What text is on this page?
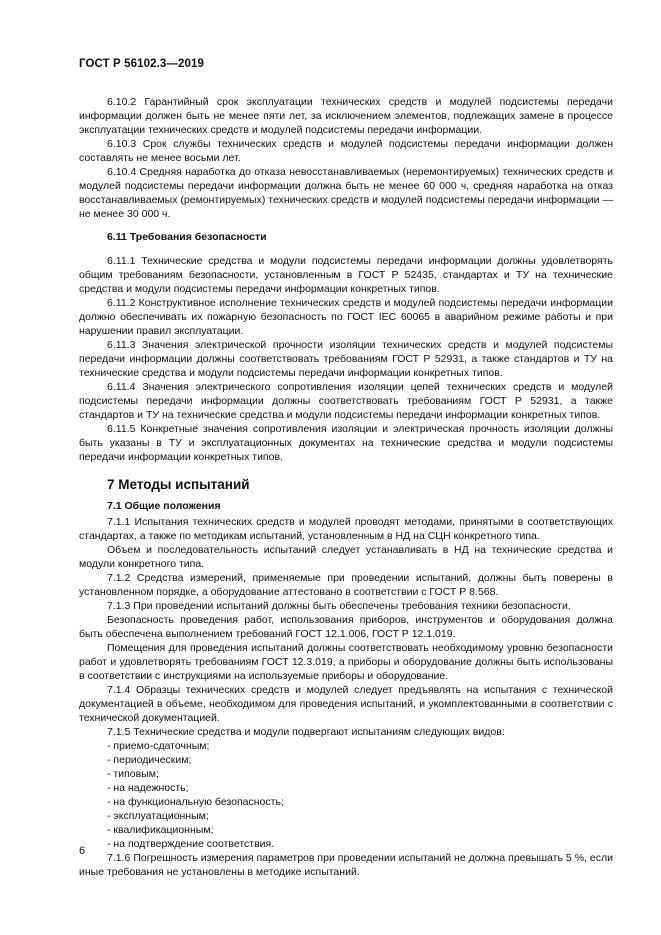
ГОСТ Р 56102.3—2019

6.10.2 Гарантийный срок эксплуатации технических средств и модулей подсистемы передачи информации должен быть не менее пяти лет, за исключением элементов, подлежащих замене в процессе эксплуатации технических средств и модулей подсистемы передачи информации.

6.10.3 Срок службы технических средств и модулей подсистемы передачи информации должен составлять не менее восьми лет.

6.10.4 Средняя наработка до отказа невосстанавливаемых (неремонтируемых) технических средств и модулей подсистемы передачи информации должна быть не менее 60 000 ч, средняя наработка на отказ восстанавливаемых (ремонтируемых) технических средств и модулей подсистемы передачи информации — не менее 30 000 ч.

6.11 Требования безопасности

6.11.1 Технические средства и модули подсистемы передачи информации должны удовлетворять общим требованиям безопасности, установленным в ГОСТ Р 52435, стандартах и ТУ на технические средства и модули подсистемы передачи информации конкретных типов.

6.11.2 Конструктивное исполнение технических средств и модулей подсистемы передачи информации должно обеспечивать их пожарную безопасность по ГОСТ IEC 60065 в аварийном режиме работы и при нарушении правил эксплуатации.

6.11.3 Значения электрической прочности изоляции технических средств и модулей подсистемы передачи информации должны соответствовать требованиям ГОСТ Р 52931, а также стандартов и ТУ на технические средства и модули подсистемы передачи информации конкретных типов.

6.11.4 Значения электрического сопротивления изоляции цепей технических средств и модулей подсистемы передачи информации должны соответствовать требованиям ГОСТ Р 52931, а также стандартов и ТУ на технические средства и модули подсистемы передачи информации конкретных типов.

6.11.5 Конкретные значения сопротивления изоляции и электрическая прочность изоляции должны быть указаны в ТУ и эксплуатационных документах на технические средства и модули подсистемы передачи информации конкретных типов.

7 Методы испытаний

7.1 Общие положения

7.1.1 Испытания технических средств и модулей проводят методами, принятыми в соответствующих стандартах, а также по методикам испытаний, установленным в НД на СЦН конкретного типа.

Объем и последовательность испытаний следует устанавливать в НД на технические средства и модули конкретного типа.

7.1.2 Средства измерений, применяемые при проведении испытаний, должны быть поверены в установленном порядке, а оборудование аттестовано в соответствии с ГОСТ Р 8.568.

7.1.3 При проведении испытаний должны быть обеспечены требования техники безопасности.

Безопасность проведения работ, использования приборов, инструментов и оборудования должна быть обеспечена выполнением требований ГОСТ 12.1.006, ГОСТ Р 12.1.019.

Помещения для проведения испытаний должны соответствовать необходимому уровню безопасности работ и удовлетворять требованиям ГОСТ 12.3.019, а приборы и оборудование должны быть использованы в соответствии с инструкциями на используемые приборы и оборудование.

7.1.4 Образцы технических средств и модулей следует предъявлять на испытания с технической документацией в объеме, необходимом для проведения испытаний, и укомплектованными в соответствии с технической документацией.

7.1.5 Технические средства и модули подвергают испытаниям следующих видов:

- приемо-сдаточным;

- периодическим;

- типовым;

- на надежность;

- на функциональную безопасность;

- эксплуатационным;

- квалификационным;

- на подтверждение соответствия.

7.1.6 Погрешность измерения параметров при проведении испытаний не должна превышать 5 %, если иные требования не установлены в методике испытаний.

6
